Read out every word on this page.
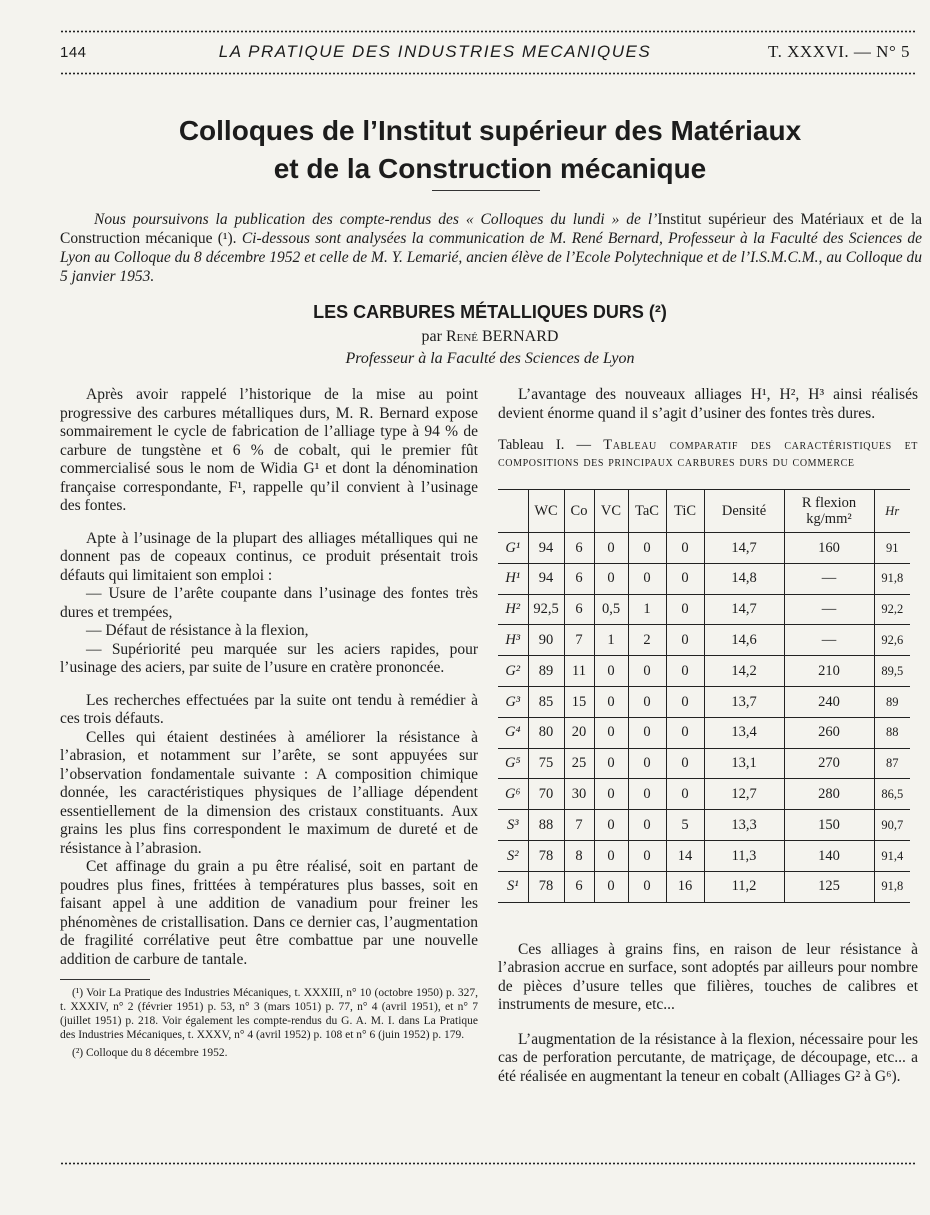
144	LA PRATIQUE DES INDUSTRIES MECANIQUES	T. XXXVI. — N° 5
Colloques de l’Institut supérieur des Matériaux
et de la Construction mécanique
Nous poursuivons la publication des compte-rendus des « Colloques du lundi » de l’Institut supérieur des Matériaux et de la Construction mécanique (¹). Ci-dessous sont analysées la communication de M. René Bernard, Professeur à la Faculté des Sciences de Lyon au Colloque du 8 décembre 1952 et celle de M. Y. Lemarié, ancien élève de l’Ecole Polytechnique et de l’I.S.M.C.M., au Colloque du 5 janvier 1953.
LES CARBURES MÉTALLIQUES DURS (²)
par René BERNARD
Professeur à la Faculté des Sciences de Lyon

Après avoir rappelé l’historique de la mise au point progressive des carbures métalliques durs, M. R. Bernard expose sommairement le cycle de fabrication de l’alliage type à 94 % de carbure de tungstène et 6 % de cobalt, qui le premier fût commercialisé sous le nom de Widia G¹ et dont la dénomination française correspondante, F¹, rappelle qu’il convient à l’usinage des fontes.

Apte à l’usinage de la plupart des alliages métalliques qui ne donnent pas de copeaux continus, ce produit présentait trois défauts qui limitaient son emploi :

— Usure de l’arête coupante dans l’usinage des fontes très dures et trempées,

— Défaut de résistance à la flexion,

— Supériorité peu marquée sur les aciers rapides, pour l’usinage des aciers, par suite de l’usure en cratère prononcée.

Les recherches effectuées par la suite ont tendu à remédier à ces trois défauts.

Celles qui étaient destinées à améliorer la résistance à l’abrasion, et notamment sur l’arête, se sont appuyées sur l’observation fondamentale suivante : A composition chimique donnée, les caractéristiques physiques de l’alliage dépendent essentiellement de la dimension des cristaux constituants. Aux grains les plus fins correspondent le maximum de dureté et de résistance à l’abrasion.

Cet affinage du grain a pu être réalisé, soit en partant de poudres plus fines, frittées à températures plus basses, soit en faisant appel à une addition de vanadium pour freiner les phénomènes de cristallisation. Dans ce dernier cas, l’augmentation de fragilité corrélative peut être combattue par une nouvelle addition de carbure de tantale.

(¹) Voir La Pratique des Industries Mécaniques, t. XXXIII, n° 10 (octobre 1950) p. 327, t. XXXIV, n° 2 (février 1951) p. 53, n° 3 (mars 1051) p. 77, n° 4 (avril 1951), et n° 7 (juillet 1951) p. 218. Voir également les compte-rendus du G. A. M. I. dans La Pratique des Industries Mécaniques, t. XXXV, n° 4 (avril 1952) p. 108 et n° 6 (juin 1952) p. 179.

(²) Colloque du 8 décembre 1952.

L’avantage des nouveaux alliages H¹, H², H³ ainsi réalisés devient énorme quand il s’agit d’usiner des fontes très dures.

Tableau I. — Tableau comparatif des caractéristiques et compositions des principaux carbures durs du commerce

	WC	Co	VC	TaC	TiC	Densité	R flexion kg/mm²	Hr
G¹	94	6	0	0	0	14,7	160	91
H¹	94	6	0	0	0	14,8	—	91,8
H²	92,5	6	0,5	1	0	14,7	—	92,2
H³	90	7	1	2	0	14,6	—	92,6
G²	89	11	0	0	0	14,2	210	89,5
G³	85	15	0	0	0	13,7	240	89
G⁴	80	20	0	0	0	13,4	260	88
G⁵	75	25	0	0	0	13,1	270	87
G⁶	70	30	0	0	0	12,7	280	86,5
S³	88	7	0	0	5	13,3	150	90,7
S²	78	8	0	0	14	11,3	140	91,4
S¹	78	6	0	0	16	11,2	125	91,8

Ces alliages à grains fins, en raison de leur résistance à l’abrasion accrue en surface, sont adoptés par ailleurs pour nombre de pièces d’usure telles que filières, touches de calibres et instruments de mesure, etc...

L’augmentation de la résistance à la flexion, nécessaire pour les cas de perforation percutante, de matriçage, de découpage, etc... a été réalisée en augmentant la teneur en cobalt (Alliages G² à G⁶).
